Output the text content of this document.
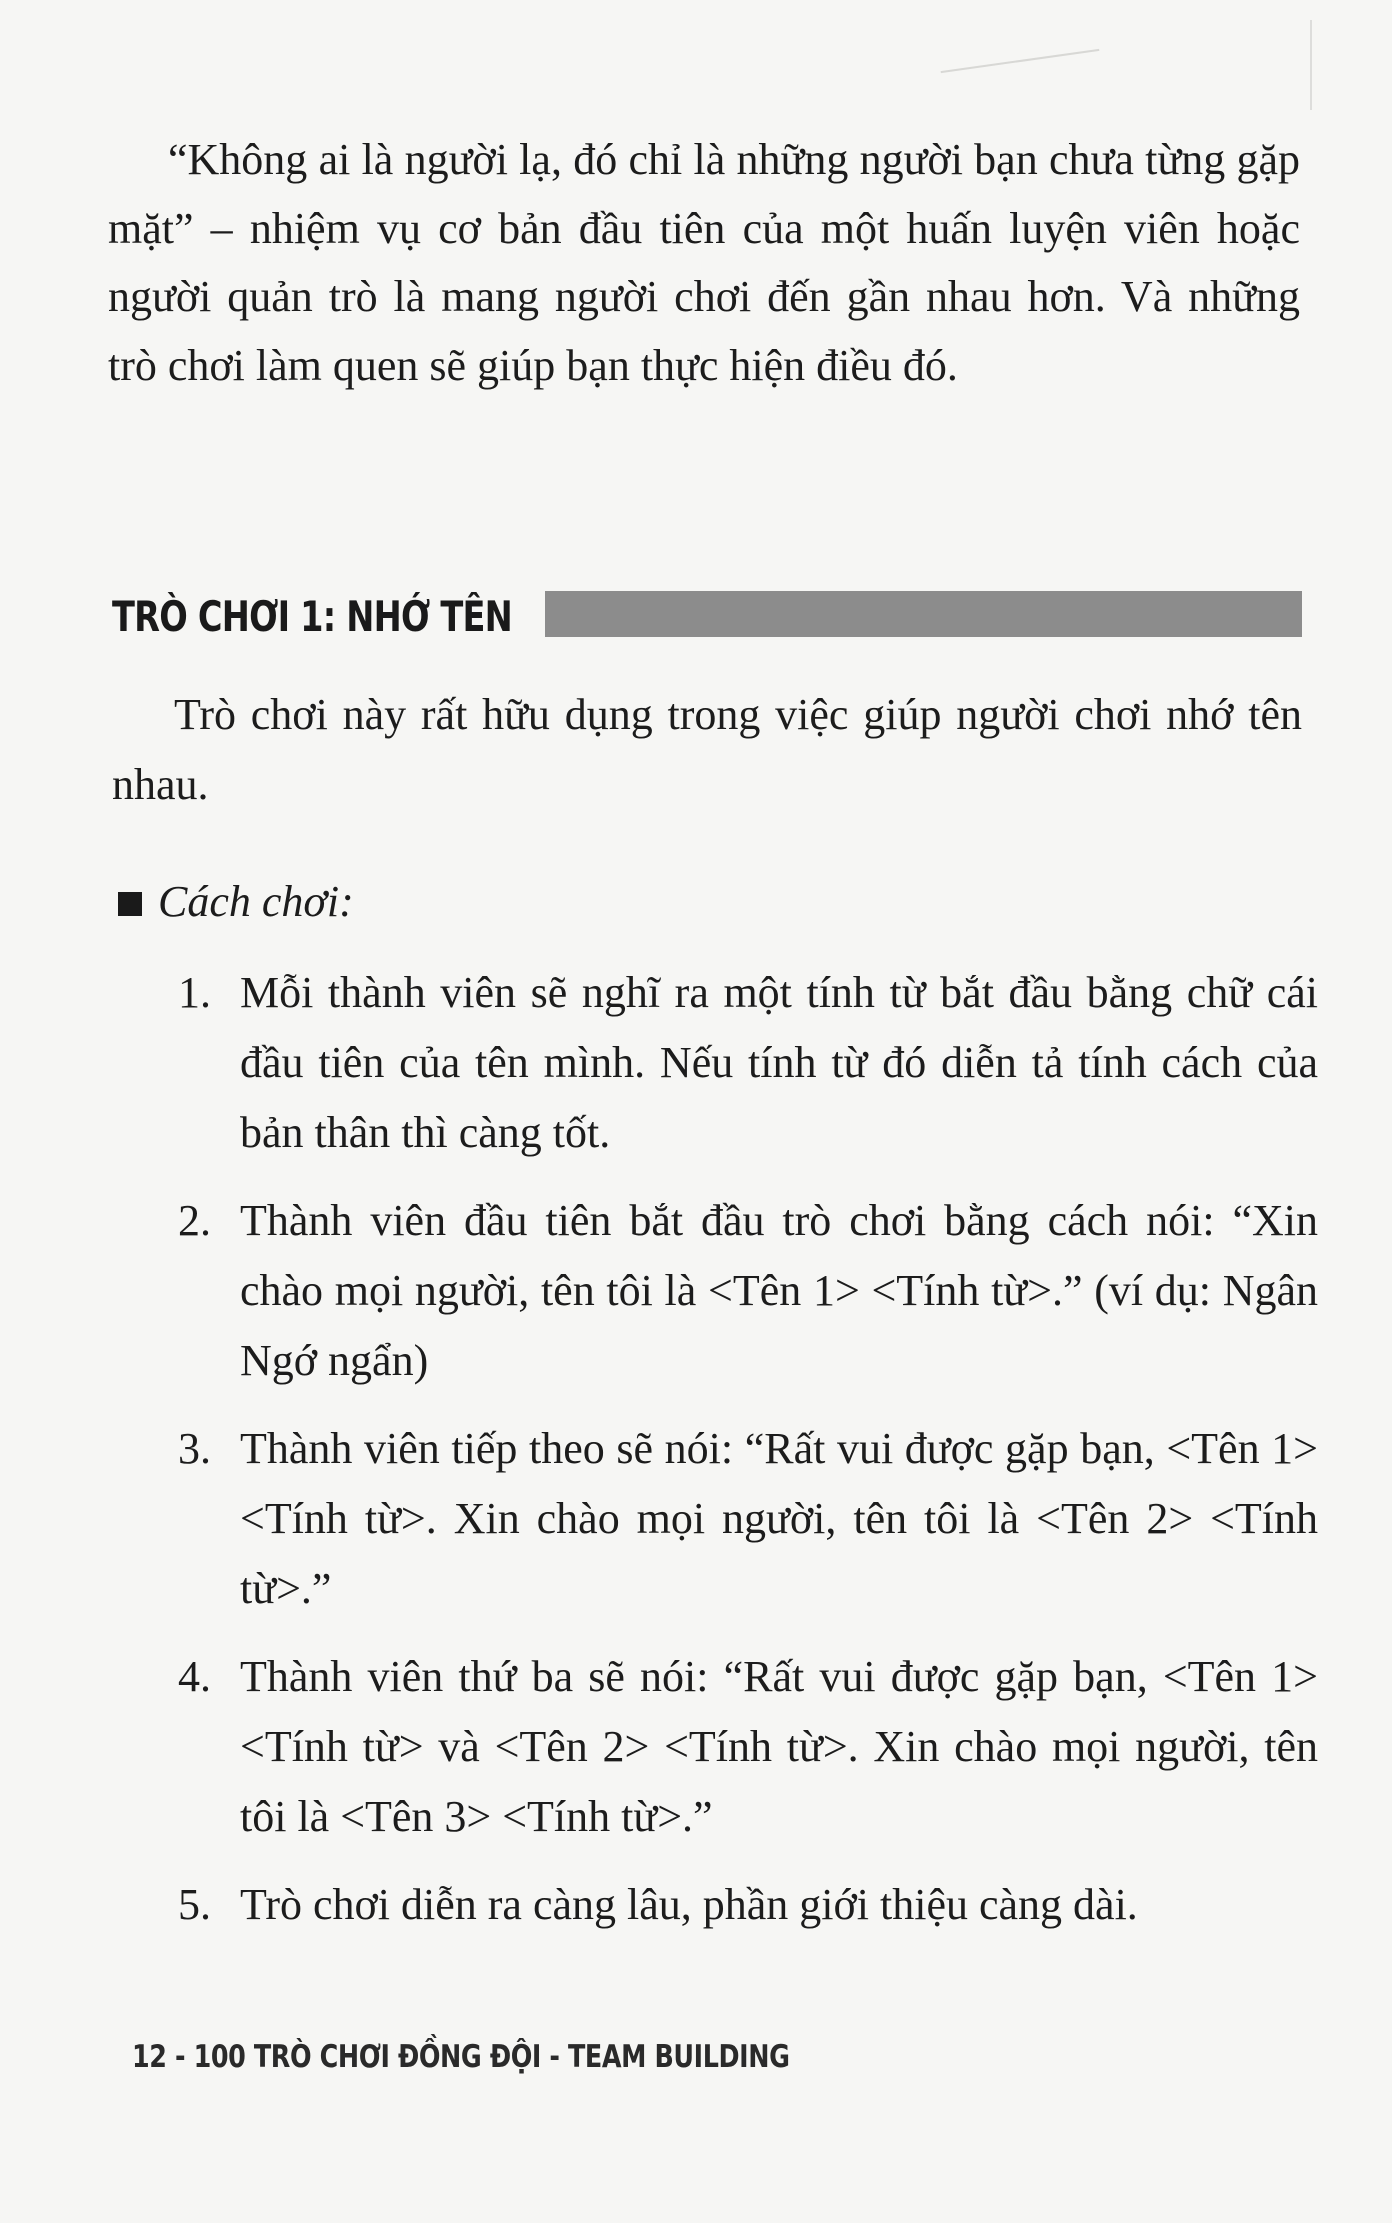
“Không ai là người lạ, đó chỉ là những người bạn chưa từng gặp mặt” – nhiệm vụ cơ bản đầu tiên của một huấn luyện viên hoặc người quản trò là mang người chơi đến gần nhau hơn. Và những trò chơi làm quen sẽ giúp bạn thực hiện điều đó.

TRÒ CHƠI 1: NHỚ TÊN

Trò chơi này rất hữu dụng trong việc giúp người chơi nhớ tên nhau.

Cách chơi:

1. Mỗi thành viên sẽ nghĩ ra một tính từ bắt đầu bằng chữ cái đầu tiên của tên mình. Nếu tính từ đó diễn tả tính cách của bản thân thì càng tốt.
2. Thành viên đầu tiên bắt đầu trò chơi bằng cách nói: “Xin chào mọi người, tên tôi là <Tên 1> <Tính từ>.” (ví dụ: Ngân Ngớ ngẩn)
3. Thành viên tiếp theo sẽ nói: “Rất vui được gặp bạn, <Tên 1> <Tính từ>. Xin chào mọi người, tên tôi là <Tên 2> <Tính từ>.”
4. Thành viên thứ ba sẽ nói: “Rất vui được gặp bạn, <Tên 1> <Tính từ> và <Tên 2> <Tính từ>. Xin chào mọi người, tên tôi là <Tên 3> <Tính từ>.”
5. Trò chơi diễn ra càng lâu, phần giới thiệu càng dài.
12 - 100 TRÒ CHƠI ĐỒNG ĐỘI - TEAM BUILDING
